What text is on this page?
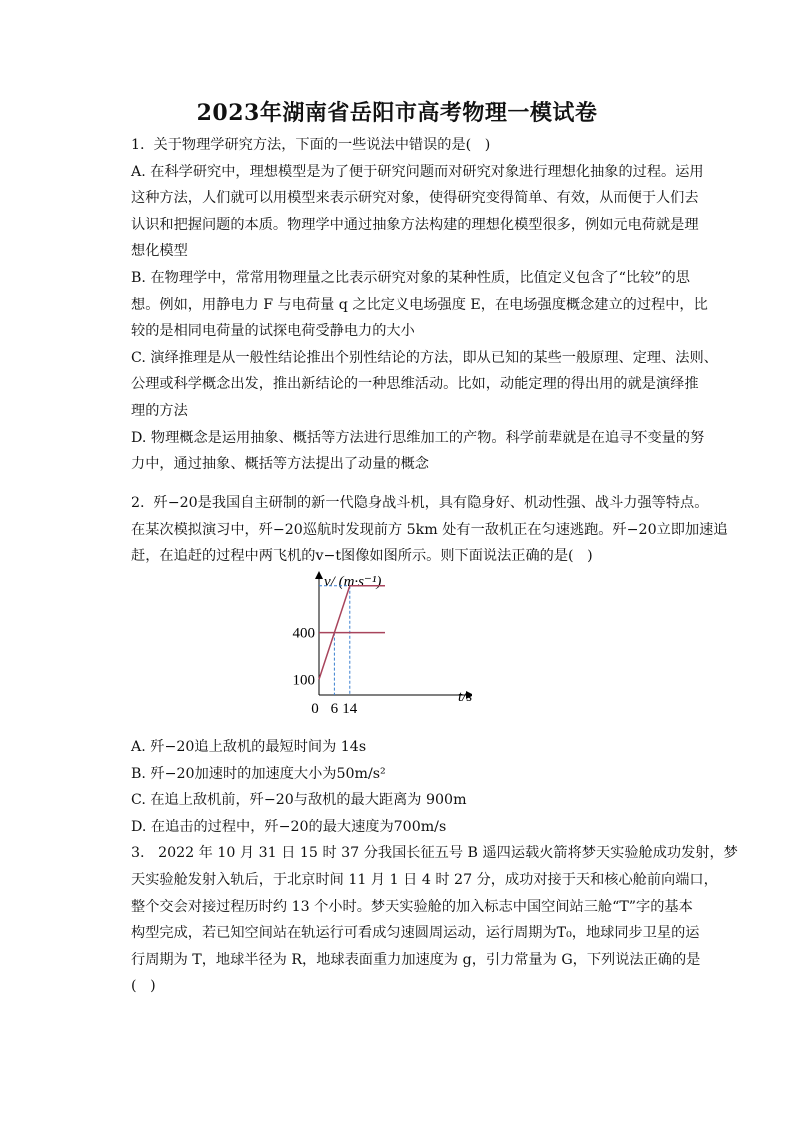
2023年湖南省岳阳市高考物理一模试卷
1.  关于物理学研究方法，下面的一些说法中错误的是(   )
A. 在科学研究中，理想模型是为了便于研究问题而对研究对象进行理想化抽象的过程。运用
这种方法，人们就可以用模型来表示研究对象，使得研究变得简单、有效，从而便于人们去
认识和把握问题的本质。物理学中通过抽象方法构建的理想化模型很多，例如元电荷就是理
想化模型
B. 在物理学中，常常用物理量之比表示研究对象的某种性质，比值定义包含了“比较”的思
想。例如，用静电力 F 与电荷量 q 之比定义电场强度 E，在电场强度概念建立的过程中，比
较的是相同电荷量的试探电荷受静电力的大小
C. 演绎推理是从一般性结论推出个别性结论的方法，即从已知的某些一般原理、定理、法则、
公理或科学概念出发，推出新结论的一种思维活动。比如，动能定理的得出用的就是演绎推
理的方法
D. 物理概念是运用抽象、概括等方法进行思维加工的产物。科学前辈就是在追寻不变量的努
力中，通过抽象、概括等方法提出了动量的概念
2.  歼−20是我国自主研制的新一代隐身战斗机，具有隐身好、机动性强、战斗力强等特点。
在某次模拟演习中，歼−20巡航时发现前方 5km 处有一敌机正在匀速逃跑。歼−20立即加速追
赶，在追赶的过程中两飞机的v−t图像如图所示。则下面说法正确的是(   )
v/ (m·s⁻¹)
t/s
0 6 14
100
400
A. 歼−20追上敌机的最短时间为 14s
B. 歼−20加速时的加速度大小为50m/s²
C. 在追上敌机前，歼−20与敌机的最大距离为 900m
D. 在追击的过程中，歼−20的最大速度为700m/s
3.   2022 年 10 月 31 日 15 时 37 分我国长征五号 B 遥四运载火箭将梦天实验舱成功发射，梦
天实验舱发射入轨后，于北京时间 11 月 1 日 4 时 27 分，成功对接于天和核心舱前向端口，
整个交会对接过程历时约 13 个小时。梦天实验舱的加入标志中国空间站三舱“T”字的基本
构型完成，若已知空间站在轨运行可看成匀速圆周运动，运行周期为T₀，地球同步卫星的运
行周期为 T，地球半径为 R，地球表面重力加速度为 g，引力常量为 G，下列说法正确的是
(   )
